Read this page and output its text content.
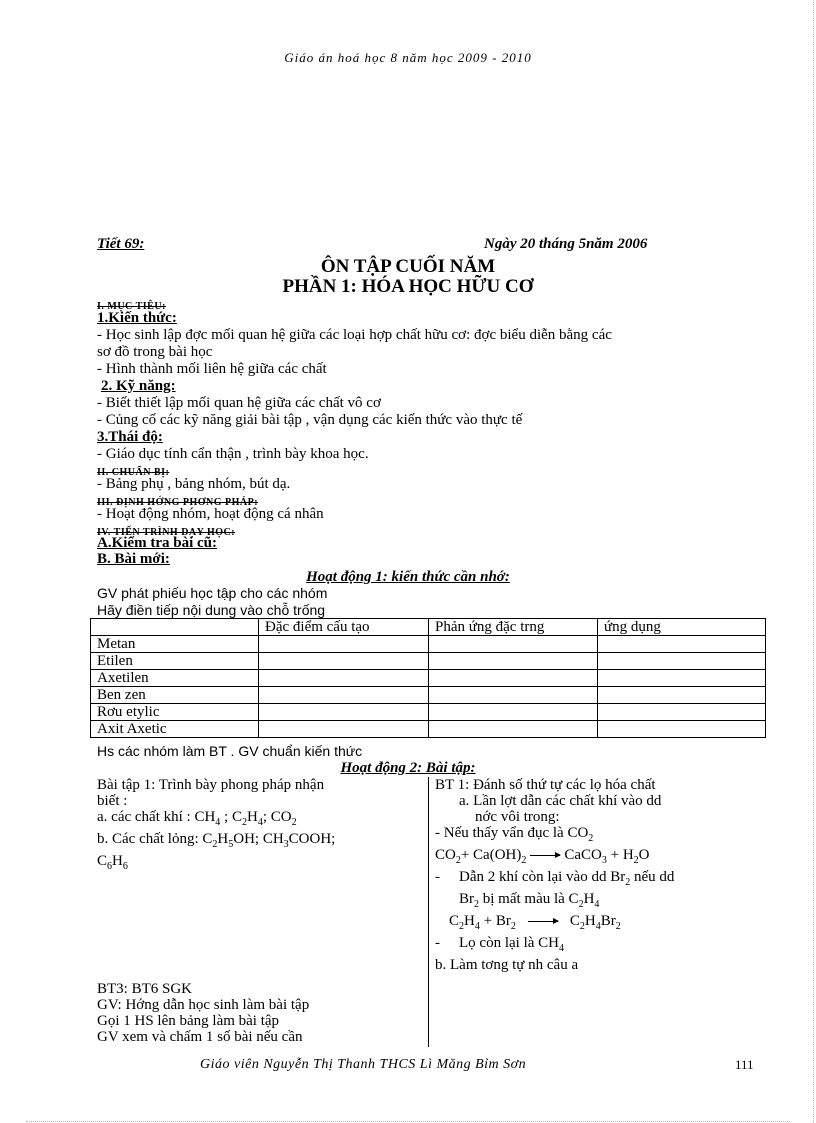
Giáo án hoá học 8 năm học 2009 - 2010
Tiết 69:	Ngày 20 tháng 5năm 2006
ÔN TẬP CUỐI NĂM
PHẦN 1: HÓA HỌC HỮU CƠ
I. MỤC TIÊU:
1.Kiến thức:
- Học sinh lập đợc mối quan hệ giữa các loại hợp chất hữu cơ: đợc biểu diễn bằng các
sơ đồ trong bài học
- Hình thành mối liên hệ giữa các chất
2. Kỹ năng:
- Biết thiết lập mối quan hệ giữa các chất vô cơ
- Củng cố các kỹ năng giải bài tập , vận dụng các kiến thức vào thực tế
3.Thái độ:
- Giáo dục tính cẩn thận , trình bày khoa học.
II. CHUẨN BỊ:
- Bảng phụ , bảng nhóm, bút dạ.
III. ĐỊNH HỚNG PHƠNG PHÁP:
- Hoạt động nhóm, hoạt động cá nhân
IV. TIẾN TRÌNH DẠY HỌC:
A.Kiểm tra bài cũ:
B. Bài mới:
Hoạt động 1: kiến thức cần nhớ:
GV phát phiếu học tập cho các nhóm
Hãy điền tiếp nội dung vào chỗ trống
	Đặc điểm cấu tạo	Phản ứng đặc trng	ứng dụng
Metan			
Etilen			
Axetilen			
Ben zen			
Rơu etylic			
Axit Axetic			
Hs các nhóm làm BT . GV chuẩn kiến thức
Hoạt động 2: Bài tập:
Bài tập 1: Trình bày phong pháp nhận
biết :
a. các chất khí : $CH_4$ ; $C_2H_4$; $CO_2$
b. Các chất lỏng: $C_2H_5OH$; $CH_3COOH$;
$C_6H_6$
BT3: BT6 SGK
GV: Hớng dẫn học sinh làm bài tập
Gọi 1 HS lên bảng làm bài tập
GV xem và chấm 1 số bài nếu cần
BT 1: Đánh số thứ tự các lọ hóa chất
a. Lần lợt dẫn các chất khí vào dd
nớc vôi trong:
- Nếu thấy vẩn đục là $CO_2$
$CO_2+ Ca(OH)_2$	CaCO$_3$ + $H_2O$
- Dẫn 2 khí còn lại vào dd $Br_2$ nếu dd
$Br_2$ bị mất màu là $C_2H_4$
$C_2H_4 + Br_2$	$C_2H_4Br_2$
- Lọ còn lại là $CH_4$
b. Làm tơng tự nh câu a
Giáo viên Nguyễn Thị Thanh THCS Lì Măng Bỉm Sơn	111
